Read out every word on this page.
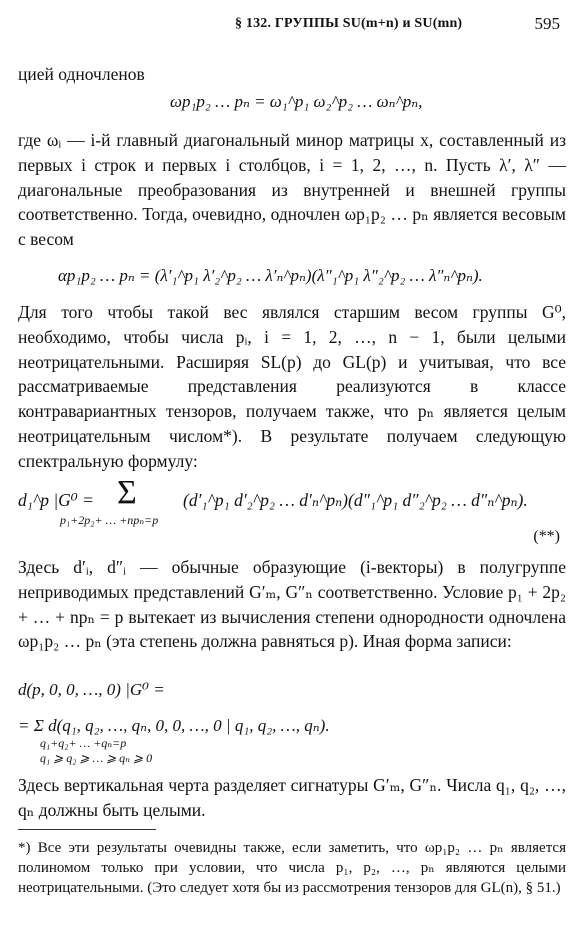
§ 132. ГРУППЫ SU(m+n) и SU(mn)	595
цией одночленов
ωp₁p₂ … pₙ = ω₁^p₁ ω₂^p₂ … ωₙ^pₙ,
где ωᵢ — i-й главный диагональный минор матрицы x, составленный из первых i строк и первых i столбцов, i = 1, 2, …, n. Пусть λ′, λ″ — диагональные преобразования из внутренней и внешней группы соответственно. Тогда, очевидно, одночлен ωp₁p₂ … pₙ является весовым с весом
αp₁p₂ … pₙ = (λ′₁^p₁ λ′₂^p₂ … λ′ₙ^pₙ)(λ″₁^p₁ λ″₂^p₂ … λ″ₙ^pₙ).
Для того чтобы такой вес являлся старшим весом группы G⁰, необходимо, чтобы числа pᵢ, i = 1, 2, …, n − 1, были целыми неотрицательными. Расширяя SL(p) до GL(p) и учитывая, что все рассматриваемые представления реализуются в классе контравариантных тензоров, получаем также, что pₙ является целым неотрицательным числом*). В результате получаем следующую спектральную формулу:
d₁^p |G⁰ = Σ
p₁+2p₂+ … +npₙ=p
(d′₁^p₁ d′₂^p₂ … d′ₙ^pₙ)(d″₁^p₁ d″₂^p₂ … d″ₙ^pₙ).
(**)
Здесь d′ᵢ, d″ᵢ — обычные образующие (i-векторы) в полугруппе неприводимых представлений G′ₘ, G″ₙ соответственно. Условие p₁ + 2p₂ + … + npₙ = p вытекает из вычисления степени однородности одночлена ωp₁p₂ … pₙ (эта степень должна равняться p). Иная форма записи:
d(p, 0, 0, …, 0) |G⁰ =
= Σ d(q₁, q₂, …, qₙ, 0, 0, …, 0 | q₁, q₂, …, qₙ).
q₁+q₂+ … +qₙ=p
q₁ ⩾ q₂ ⩾ … ⩾ qₙ ⩾ 0
Здесь вертикальная черта разделяет сигнатуры G′ₘ, G″ₙ. Числа q₁, q₂, …, qₙ должны быть целыми.
*) Все эти результаты очевидны также, если заметить, что ωp₁p₂ … pₙ является полиномом только при условии, что числа p₁, p₂, …, pₙ являются целыми неотрицательными. (Это следует хотя бы из рассмотрения тензоров для GL(n), § 51.)
